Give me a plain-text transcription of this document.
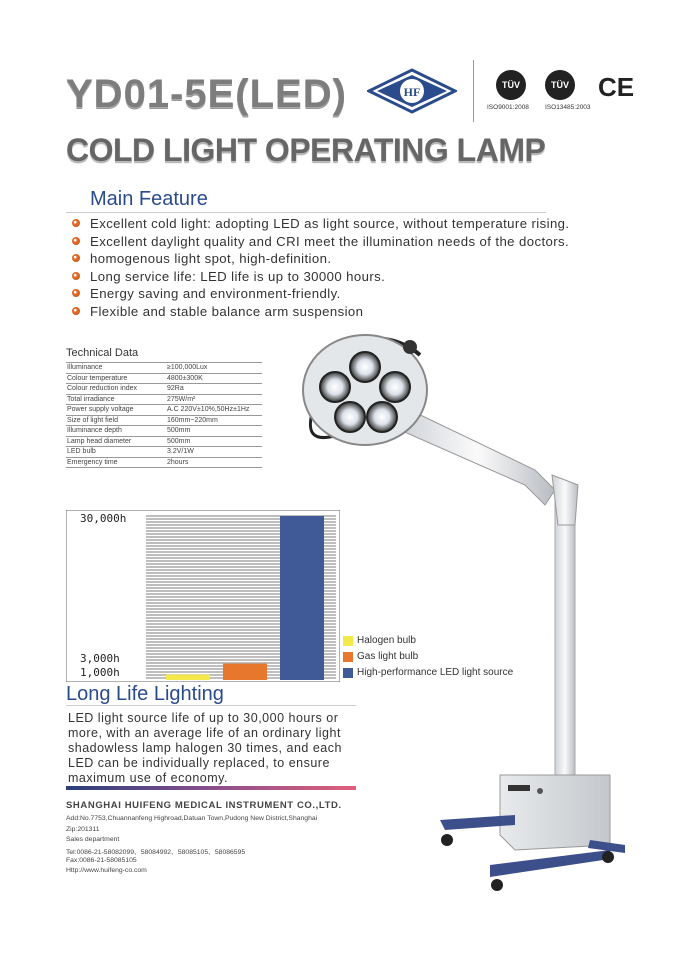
YD01-5E(LED)	HF	TÜV	TÜV CE
ISO9001:2008 ISO13485:2003
COLD LIGHT OPERATING LAMP
Main Feature
Excellent cold light: adopting LED as light source, without temperature rising.
Excellent daylight quality and CRI meet the illumination needs of the doctors.
homogenous light spot, high-definition.
Long service life: LED life is up to 30000 hours.
Energy saving and environment-friendly.
Flexible and stable balance arm suspension
Technical Data
Illuminance	≥100,000Lux
Colour temperature	4800±300K
Colour reduction index	92Ra
Total irradiance	275W/m²
Power supply voltage	A.C 220V±10%,50Hz±1Hz
Size of light field	160mm~220mm
Illuminance depth	500mm
Lamp head diameter	500mm
LED bulb	3.2V/1W
Emergency time	2hours
30,000h
3,000h
1,000h
Halogen bulb
Gas light bulb
High-performance LED light source
Long Life Lighting

LED light source life of up to 30,000 hours or more, with an average life of an ordinary light shadowless lamp halogen 30 times, and each LED can be individually replaced, to ensure maximum use of economy.

SHANGHAI HUIFENG MEDICAL INSTRUMENT CO.,LTD.
Add:No.7753,Chuannanfeng Highroad,Datuan Town,Pudong New District,Shanghai
Zip:201311
Sales department
Tel:0086-21-58082099、58084992、58085105、58086595
Fax:0086-21-58085105
Http://www.huifeng-co.com
